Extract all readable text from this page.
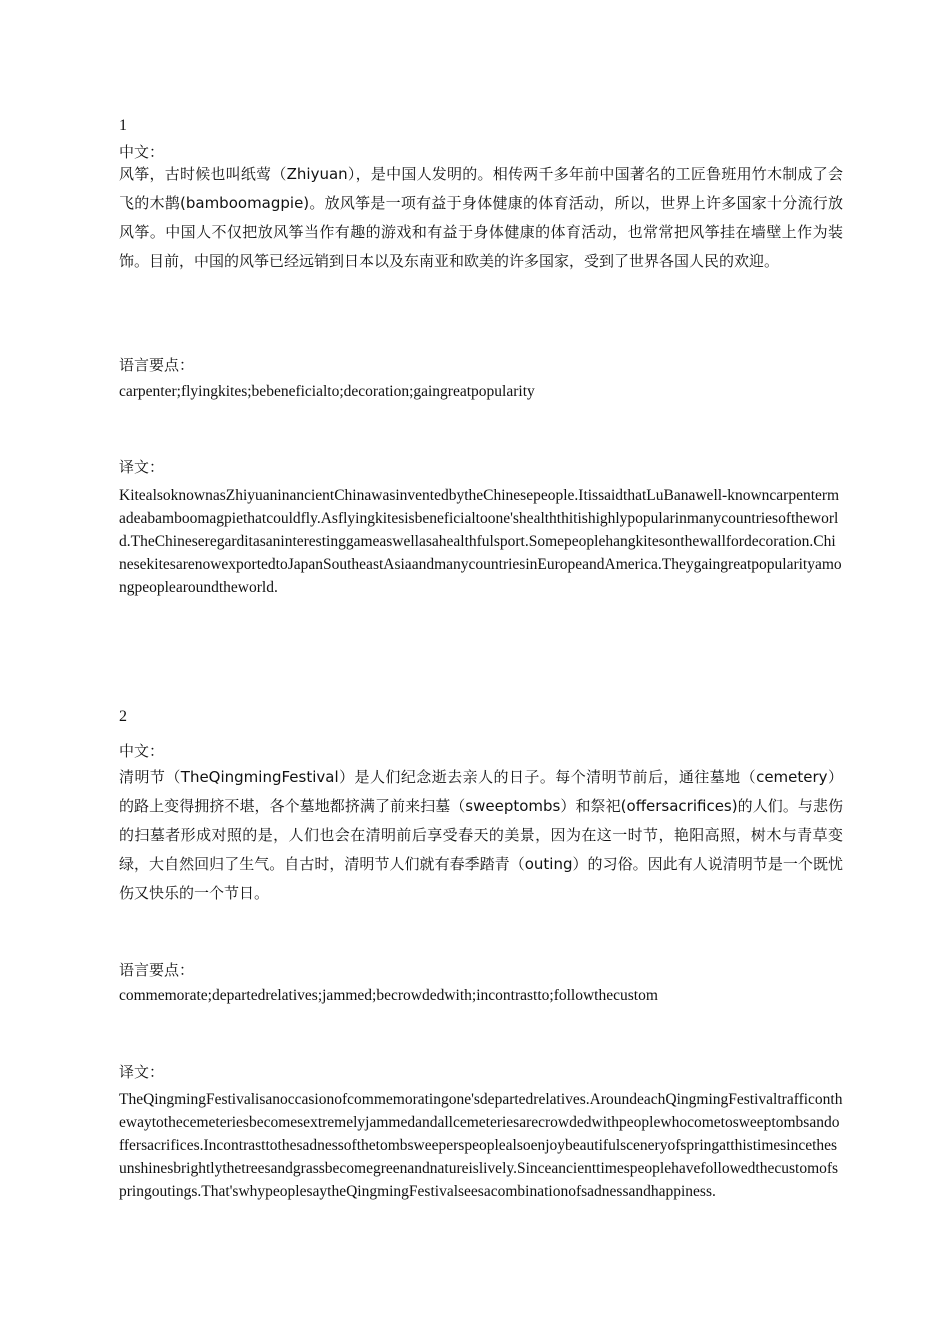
1
中文：
风筝，古时候也叫纸莺（Zhiyuan），是中国人发明的。相传两千多年前中国著名的工匠鲁班用竹木制成了会飞的木鹊(bamboomagpie)。放风筝是一项有益于身体健康的体育活动，所以，世界上许多国家十分流行放风筝。中国人不仅把放风筝当作有趣的游戏和有益于身体健康的体育活动，也常常把风筝挂在墙壁上作为装饰。目前，中国的风筝已经远销到日本以及东南亚和欧美的许多国家，受到了世界各国人民的欢迎。
语言要点：
carpenter;flyingkites;bebeneficialto;decoration;gaingreatpopularity
译文：
KitealsoknownasZhiyuaninancientChinawasinventedbytheChinesepeople.ItissaidthatLuBanawell-knowncarpentermadeabamboomagpiethatcouldfly.Asflyingkitesisbeneficialtoone'shealththitishighlypopularinmanycountriesoftheworld.TheChineseregarditasaninterestinggameaswellasahealthfulsport.Somepeoplehangkitesonthewallfordecoration.ChinesekitesarenowexportedtoJapanSoutheastAsiaandmanycountriesinEuropeandAmerica.Theygaingreatpopularityamongpeoplearoundtheworld.
2
中文：
清明节（TheQingmingFestival）是人们纪念逝去亲人的日子。每个清明节前后，通往墓地（cemetery）的路上变得拥挤不堪，各个墓地都挤满了前来扫墓（sweeptombs）和祭祀(offersacrifices)的人们。与悲伤的扫墓者形成对照的是，人们也会在清明前后享受春天的美景，因为在这一时节，艳阳高照，树木与青草变绿，大自然回归了生气。自古时，清明节人们就有春季踏青（outing）的习俗。因此有人说清明节是一个既忧伤又快乐的一个节日。
语言要点：
commemorate;departedrelatives;jammed;becrowdedwith;incontrastto;followthecustom
译文：
TheQingmingFestivalisanoccasionofcommemoratingone'sdepartedrelatives.AroundeachQingmingFestivaltrafficonthewaytothecemeteriesbecomesextremelyjammedandallcemeteriesarecrowdedwithpeoplewhocometosweeptombsandoffersacrifices.Incontrasttothesadnessofthetombsweeperspeoplealsoenjoybeautifulsceneryofspringatthistimesincethesunshinesbrightlythetreesandgrassbecomegreenandnatureislively.Sinceancienttimespeoplehavefollowedthecustomofspringoutings.That'swhypeoplesaytheQingmingFestivalseesacombinationofsadnessandhappiness.
